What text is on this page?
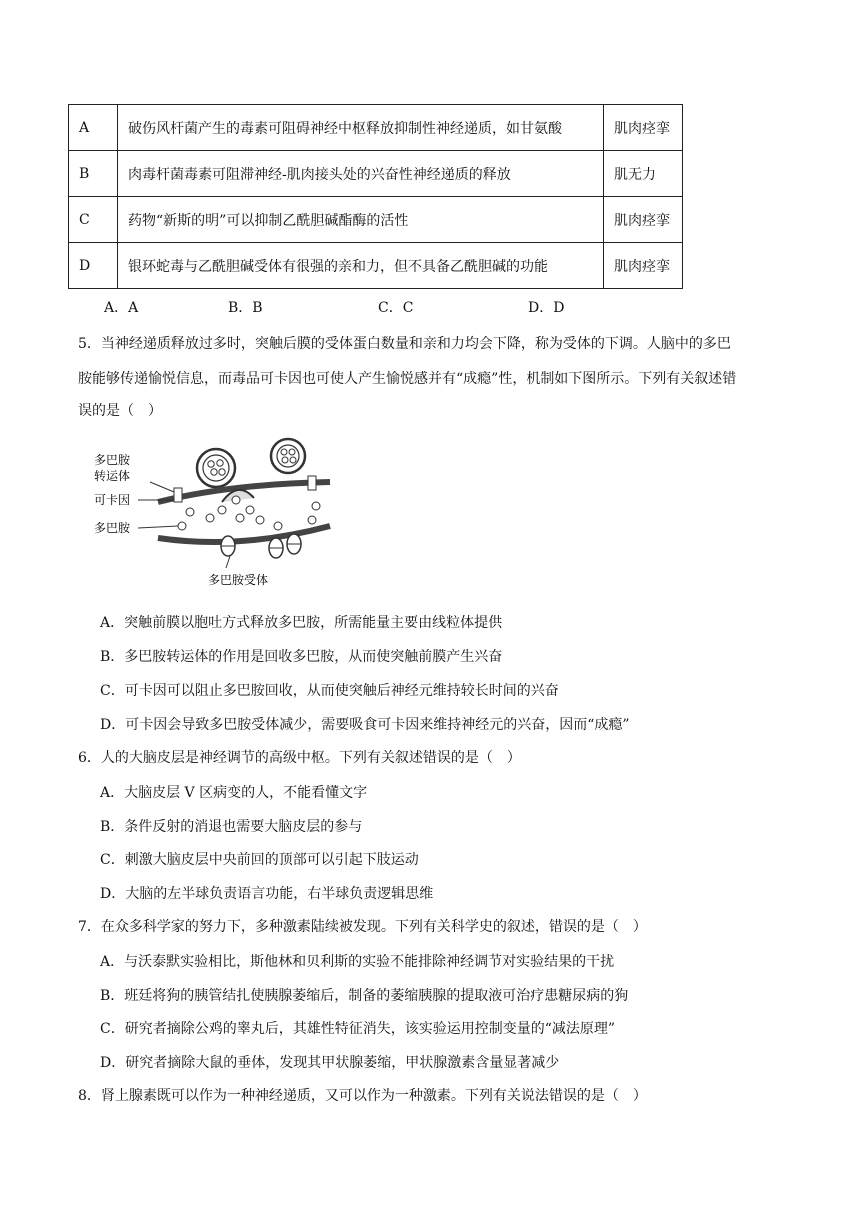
A	破伤风杆菌产生的毒素可阻碍神经中枢释放抑制性神经递质，如甘氨酸	肌肉痉挛
B	肉毒杆菌毒素可阻滞神经-肌肉接头处的兴奋性神经递质的释放	肌无力
C	药物“新斯的明”可以抑制乙酰胆碱酯酶的活性	肌肉痉挛
D	银环蛇毒与乙酰胆碱受体有很强的亲和力，但不具备乙酰胆碱的功能	肌肉痉挛
A．A	B．B	C．C	D．D
5．当神经递质释放过多时，突触后膜的受体蛋白数量和亲和力均会下降，称为受体的下调。人脑中的多巴
胺能够传递愉悦信息，而毒品可卡因也可使人产生愉悦感并有“成瘾”性，机制如下图所示。下列有关叙述错
误的是（　）
多巴胺
转运体
可卡因
多巴胺
多巴胺受体
A．突触前膜以胞吐方式释放多巴胺，所需能量主要由线粒体提供
B．多巴胺转运体的作用是回收多巴胺，从而使突触前膜产生兴奋
C．可卡因可以阻止多巴胺回收，从而使突触后神经元维持较长时间的兴奋
D．可卡因会导致多巴胺受体减少，需要吸食可卡因来维持神经元的兴奋，因而“成瘾”
6．人的大脑皮层是神经调节的高级中枢。下列有关叙述错误的是（　）
A．大脑皮层 V 区病变的人，不能看懂文字
B．条件反射的消退也需要大脑皮层的参与
C．刺激大脑皮层中央前回的顶部可以引起下肢运动
D．大脑的左半球负责语言功能，右半球负责逻辑思维
7．在众多科学家的努力下，多种激素陆续被发现。下列有关科学史的叙述，错误的是（　）
A．与沃泰默实验相比，斯他林和贝利斯的实验不能排除神经调节对实验结果的干扰
B．班廷将狗的胰管结扎使胰腺萎缩后，制备的萎缩胰腺的提取液可治疗患糖尿病的狗
C．研究者摘除公鸡的睾丸后，其雄性特征消失，该实验运用控制变量的“减法原理”
D．研究者摘除大鼠的垂体，发现其甲状腺萎缩，甲状腺激素含量显著减少
8．肾上腺素既可以作为一种神经递质，又可以作为一种激素。下列有关说法错误的是（　）
